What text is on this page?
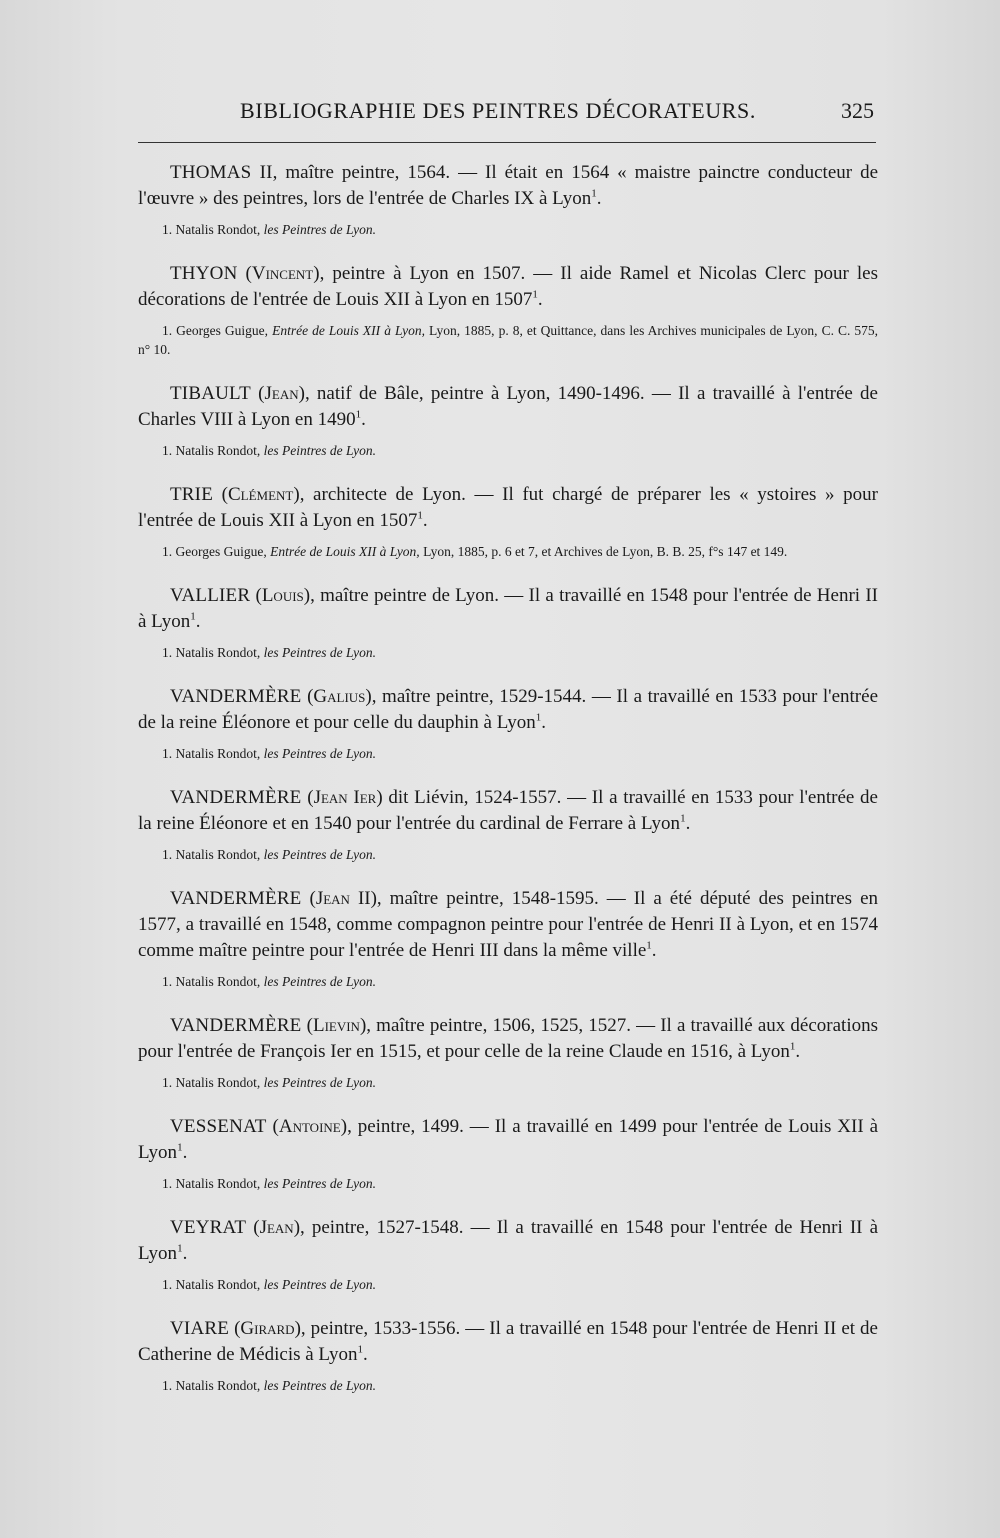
BIBLIOGRAPHIE DES PEINTRES DÉCORATEURS.	325

THOMAS II, maître peintre, 1564. — Il était en 1564 « maistre painctre conducteur de l'œuvre » des peintres, lors de l'entrée de Charles IX à Lyon$^1$.

1. Natalis Rondot, les Peintres de Lyon.

THYON (Vincent), peintre à Lyon en 1507. — Il aide Ramel et Nicolas Clerc pour les décorations de l'entrée de Louis XII à Lyon en 1507$^1$.

1. Georges Guigue, Entrée de Louis XII à Lyon, Lyon, 1885, p. 8, et Quittance, dans les Archives municipales de Lyon, C. C. 575, n° 10.

TIBAULT (Jean), natif de Bâle, peintre à Lyon, 1490-1496. — Il a travaillé à l'entrée de Charles VIII à Lyon en 1490$^1$.

1. Natalis Rondot, les Peintres de Lyon.

TRIE (Clément), architecte de Lyon. — Il fut chargé de préparer les « ystoires » pour l'entrée de Louis XII à Lyon en 1507$^1$.

1. Georges Guigue, Entrée de Louis XII à Lyon, Lyon, 1885, p. 6 et 7, et Archives de Lyon, B. B. 25, f°s 147 et 149.

VALLIER (Louis), maître peintre de Lyon. — Il a travaillé en 1548 pour l'entrée de Henri II à Lyon$^1$.

1. Natalis Rondot, les Peintres de Lyon.

VANDERMÈRE (Galius), maître peintre, 1529-1544. — Il a travaillé en 1533 pour l'entrée de la reine Éléonore et pour celle du dauphin à Lyon$^1$.

1. Natalis Rondot, les Peintres de Lyon.

VANDERMÈRE (Jean Ier) dit Liévin, 1524-1557. — Il a travaillé en 1533 pour l'entrée de la reine Éléonore et en 1540 pour l'entrée du cardinal de Ferrare à Lyon$^1$.

1. Natalis Rondot, les Peintres de Lyon.

VANDERMÈRE (Jean II), maître peintre, 1548-1595. — Il a été député des peintres en 1577, a travaillé en 1548, comme compagnon peintre pour l'entrée de Henri II à Lyon, et en 1574 comme maître peintre pour l'entrée de Henri III dans la même ville$^1$.

1. Natalis Rondot, les Peintres de Lyon.

VANDERMÈRE (Lievin), maître peintre, 1506, 1525, 1527. — Il a travaillé aux décorations pour l'entrée de François Ier en 1515, et pour celle de la reine Claude en 1516, à Lyon$^1$.

1. Natalis Rondot, les Peintres de Lyon.

VESSENAT (Antoine), peintre, 1499. — Il a travaillé en 1499 pour l'entrée de Louis XII à Lyon$^1$.

1. Natalis Rondot, les Peintres de Lyon.

VEYRAT (Jean), peintre, 1527-1548. — Il a travaillé en 1548 pour l'entrée de Henri II à Lyon$^1$.

1. Natalis Rondot, les Peintres de Lyon.

VIARE (Girard), peintre, 1533-1556. — Il a travaillé en 1548 pour l'entrée de Henri II et de Catherine de Médicis à Lyon$^1$.

1. Natalis Rondot, les Peintres de Lyon.
